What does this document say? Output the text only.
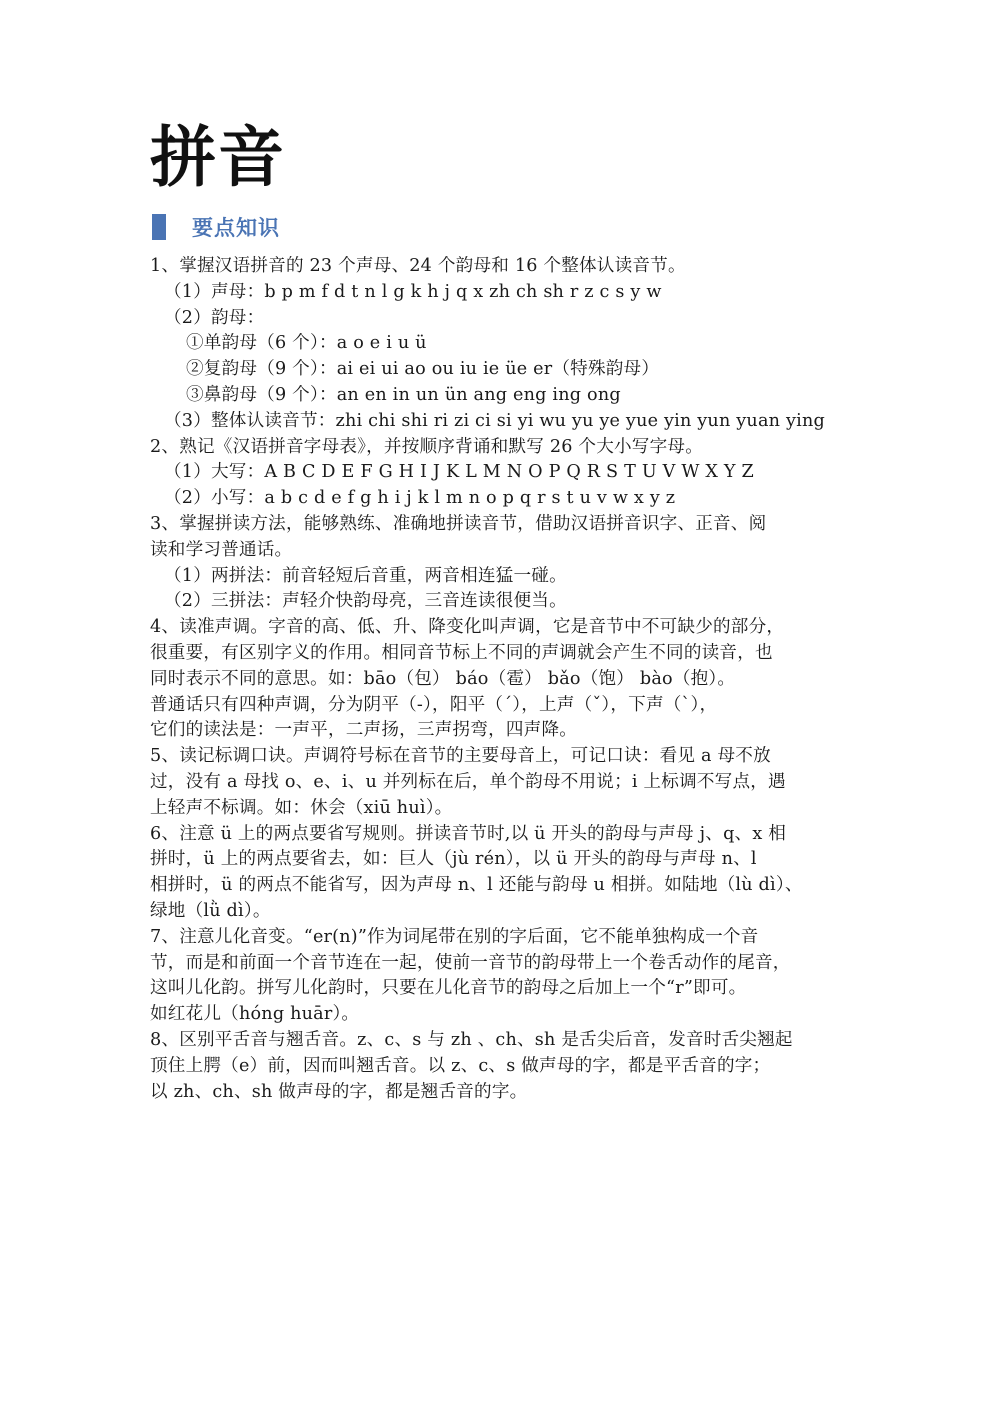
拼音
要点知识
1、掌握汉语拼音的 23 个声母、24 个韵母和 16 个整体认读音节。
（1）声母：b p m f d t n l g k h j q x zh ch sh r z c s y w
（2）韵母：
①单韵母（6 个）：a o e i u ü
②复韵母（9 个）：ai ei ui ao ou iu ie üe er（特殊韵母）
③鼻韵母（9 个）：an en in un ün ang eng ing ong
（3）整体认读音节：zhi chi shi ri zi ci si yi wu yu ye yue yin yun yuan ying
2、熟记《汉语拼音字母表》，并按顺序背诵和默写 26 个大小写字母。
（1）大写：A B C D E F G H I J K L M N O P Q R S T U V W X Y Z
（2）小写：a b c d e f g h i j k l m n o p q r s t u v w x y z
3、掌握拼读方法，能够熟练、准确地拼读音节，借助汉语拼音识字、正音、阅
读和学习普通话。
（1）两拼法：前音轻短后音重，两音相连猛一碰。
（2）三拼法：声轻介快韵母亮，三音连读很便当。
4、读准声调。字音的高、低、升、降变化叫声调，它是音节中不可缺少的部分，
很重要，有区别字义的作用。相同音节标上不同的声调就会产生不同的读音，也
同时表示不同的意思。如：bāo（包） báo（雹） bǎo（饱） bào（抱）。
普通话只有四种声调，分为阴平（-），阳平（ˊ），上声（ˇ），下声（ˋ），
它们的读法是：一声平，二声扬，三声拐弯，四声降。
5、读记标调口诀。声调符号标在音节的主要母音上，可记口诀：看见 a 母不放
过，没有 a 母找 o、e、i、u 并列标在后，单个韵母不用说；i 上标调不写点，遇
上轻声不标调。如：休会（xiū huì）。
6、注意 ü 上的两点要省写规则。拼读音节时,以 ü 开头的韵母与声母 j、q、x 相
拼时，ü 上的两点要省去，如：巨人（jù rén），以 ü 开头的韵母与声母 n、l
相拼时，ü 的两点不能省写，因为声母 n、l 还能与韵母 u 相拼。如陆地（lù dì）、
绿地（lǜ dì）。
7、注意儿化音变。“er(n)”作为词尾带在别的字后面，它不能单独构成一个音
节，而是和前面一个音节连在一起，使前一音节的韵母带上一个卷舌动作的尾音，
这叫儿化韵。拼写儿化韵时，只要在儿化音节的韵母之后加上一个“r”即可。
如红花儿（hóng huār）。
8、区别平舌音与翘舌音。z、c、s 与 zh 、ch、sh 是舌尖后音，发音时舌尖翘起
顶住上腭（e）前，因而叫翘舌音。以 z、c、s 做声母的字，都是平舌音的字；
以 zh、ch、sh 做声母的字，都是翘舌音的字。
